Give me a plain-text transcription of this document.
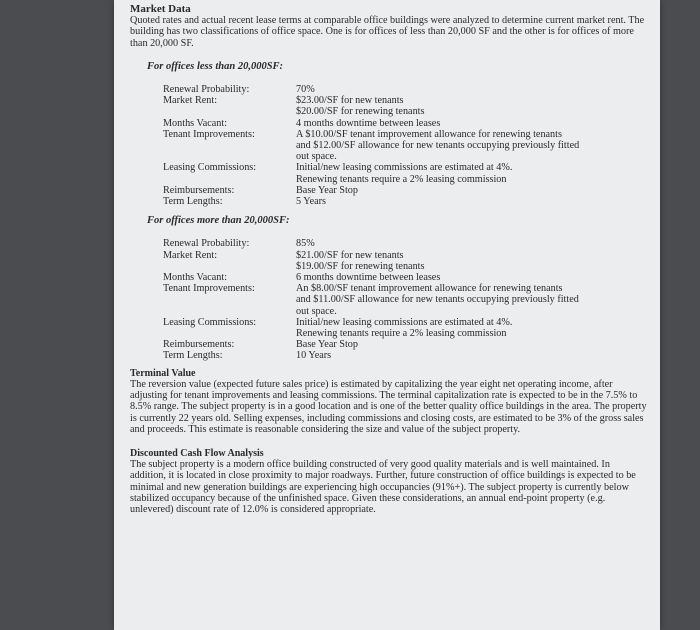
Market Data

Quoted rates and actual recent lease terms at comparable office buildings were analyzed to determine current market rent. The building has two classifications of office space. One is for offices of less than 20,000 SF and the other is for offices of more than 20,000 SF.

For offices less than 20,000SF:

Renewal Probability:	70%
Market Rent:	$23.00/SF for new tenants
$20.00/SF for renewing tenants
Months Vacant:	4 months downtime between leases
Tenant Improvements:	A $10.00/SF tenant improvement allowance for renewing tenants
and $12.00/SF allowance for new tenants occupying previously fitted
out space.
Leasing Commissions:	Initial/new leasing commissions are estimated at 4%.
Renewing tenants require a 2% leasing commission
Reimbursements:	Base Year Stop
Term Lengths:	5 Years

For offices more than 20,000SF:

Renewal Probability:	85%
Market Rent:	$21.00/SF for new tenants
$19.00/SF for renewing tenants
Months Vacant:	6 months downtime between leases
Tenant Improvements:	An $8.00/SF tenant improvement allowance for renewing tenants
and $11.00/SF allowance for new tenants occupying previously fitted
out space.
Leasing Commissions:	Initial/new leasing commissions are estimated at 4%.
Renewing tenants require a 2% leasing commission
Reimbursements:	Base Year Stop
Term Lengths:	10 Years

Terminal Value

The reversion value (expected future sales price) is estimated by capitalizing the year eight net operating income, after adjusting for tenant improvements and leasing commissions. The terminal capitalization rate is expected to be in the 7.5% to 8.5% range. The subject property is in a good location and is one of the better quality office buildings in the area. The property is currently 22 years old. Selling expenses, including commissions and closing costs, are estimated to be 3% of the gross sales and proceeds. This estimate is reasonable considering the size and value of the subject property.

Discounted Cash Flow Analysis

The subject property is a modern office building constructed of very good quality materials and is well maintained. In addition, it is located in close proximity to major roadways. Further, future construction of office buildings is expected to be minimal and new generation buildings are experiencing high occupancies (91%+). The subject property is currently below stabilized occupancy because of the unfinished space. Given these considerations, an annual end-point property (e.g. unlevered) discount rate of 12.0% is considered appropriate.
